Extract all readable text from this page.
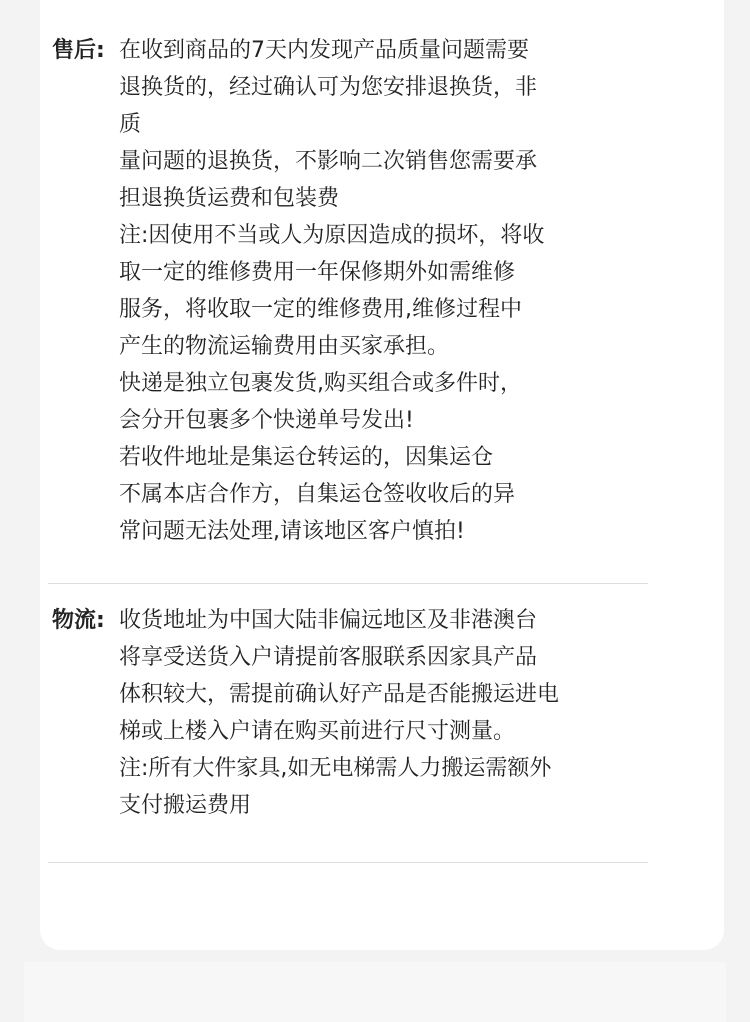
售后: 在收到商品的7天内发现产品质量问题需要
退换货的，经过确认可为您安排退换货，非
质
量问题的退换货，不影响二次销售您需要承
担退换货运费和包装费
注:因使用不当或人为原因造成的损坏，将收
取一定的维修费用一年保修期外如需维修
服务，将收取一定的维修费用,维修过程中
产生的物流运输费用由买家承担。
快递是独立包裹发货,购买组合或多件时，
会分开包裹多个快递单号发出!
若收件地址是集运仓转运的，因集运仓
不属本店合作方，自集运仓签收收后的异
常问题无法处理,请该地区客户慎拍!
物流: 收货地址为中国大陆非偏远地区及非港澳台
将享受送货入户请提前客服联系因家具产品
体积较大，需提前确认好产品是否能搬运进电
梯或上楼入户请在购买前进行尺寸测量。
注:所有大件家具,如无电梯需人力搬运需额外
支付搬运费用
